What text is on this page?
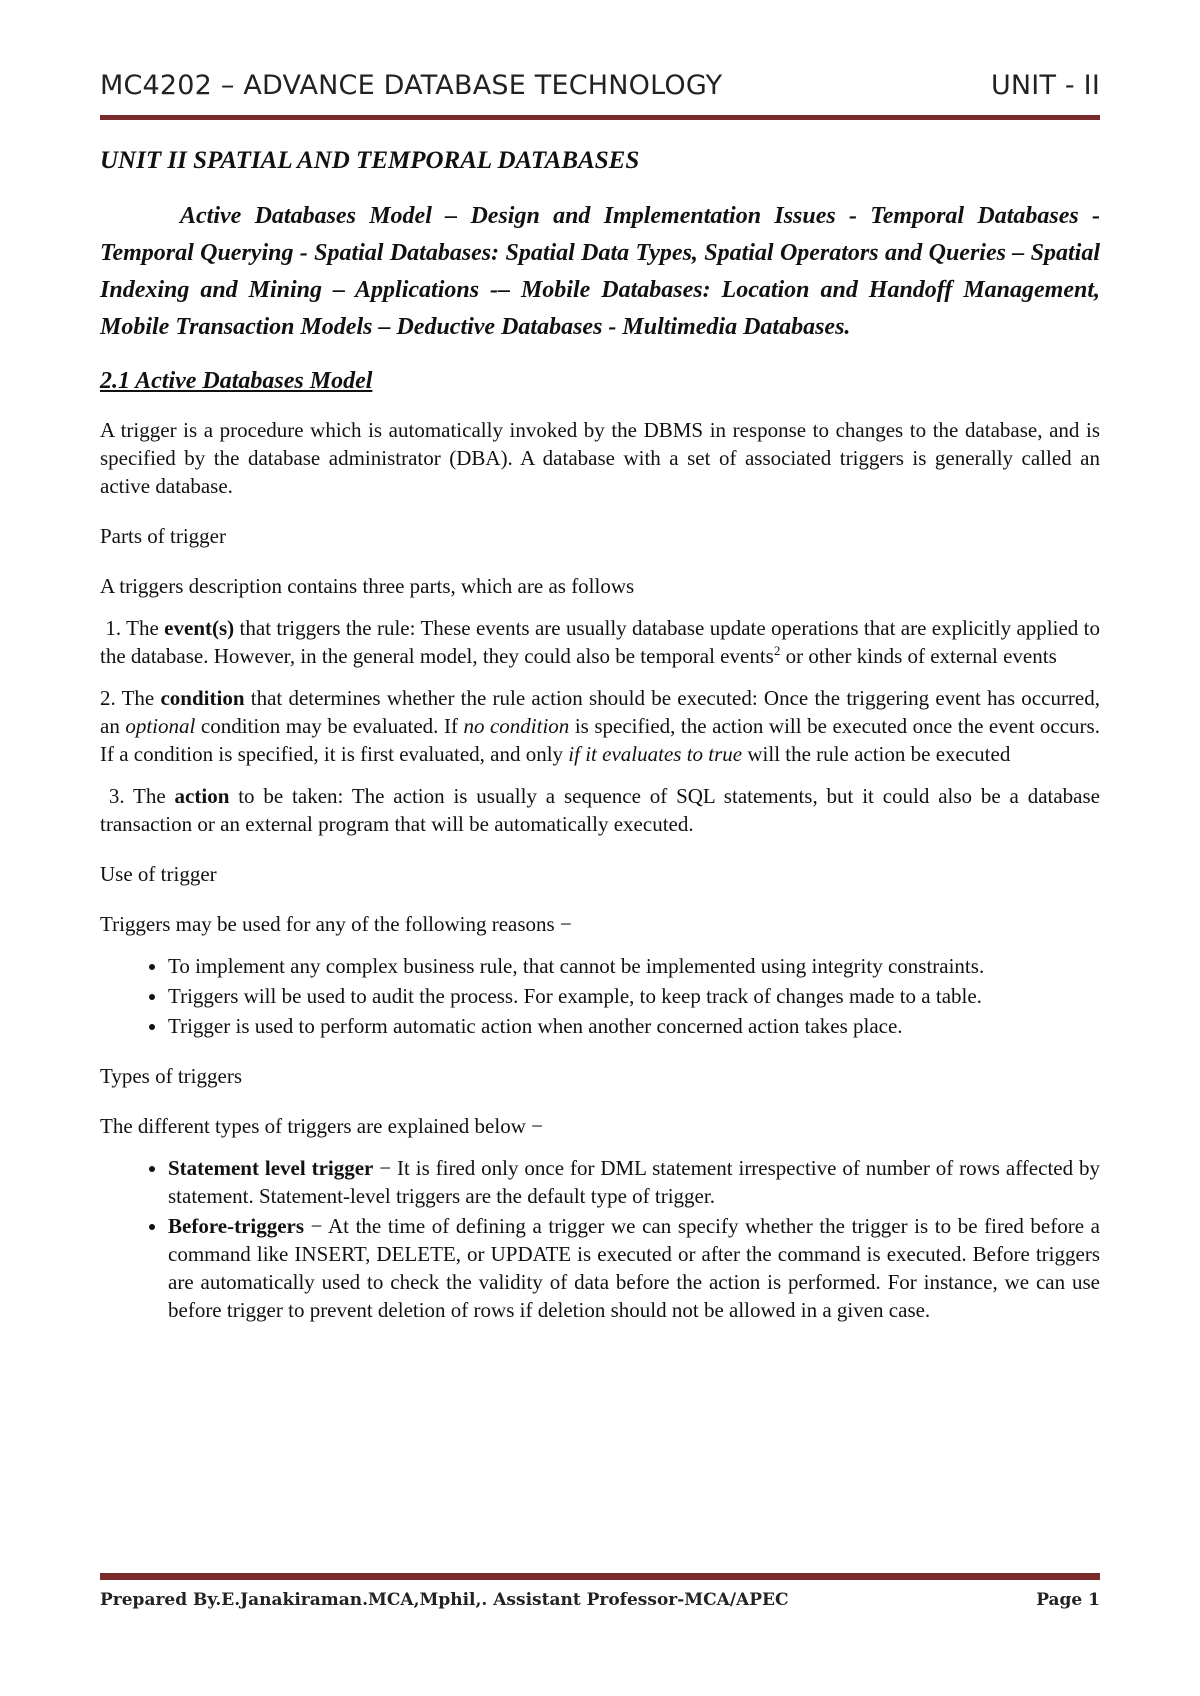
MC4202 – ADVANCE DATABASE TECHNOLOGY	UNIT - II

UNIT II SPATIAL AND TEMPORAL DATABASES

Active Databases Model – Design and Implementation Issues - Temporal Databases - Temporal Querying - Spatial Databases: Spatial Data Types, Spatial Operators and Queries – Spatial Indexing and Mining – Applications -– Mobile Databases: Location and Handoff Management, Mobile Transaction Models – Deductive Databases - Multimedia Databases.

2.1 Active Databases Model

A trigger is a procedure which is automatically invoked by the DBMS in response to changes to the database, and is specified by the database administrator (DBA). A database with a set of associated triggers is generally called an active database.

Parts of trigger

A triggers description contains three parts, which are as follows

1. The event(s) that triggers the rule: These events are usually database update operations that are explicitly applied to the database. However, in the general model, they could also be temporal events$^2$ or other kinds of external events

2. The condition that determines whether the rule action should be executed: Once the triggering event has occurred, an optional condition may be evaluated. If no condition is specified, the action will be executed once the event occurs. If a condition is specified, it is first evaluated, and only if it evaluates to true will the rule action be executed

3. The action to be taken: The action is usually a sequence of SQL statements, but it could also be a database transaction or an external program that will be automatically executed.

Use of trigger

Triggers may be used for any of the following reasons −

• To implement any complex business rule, that cannot be implemented using integrity constraints.
• Triggers will be used to audit the process. For example, to keep track of changes made to a table.
• Trigger is used to perform automatic action when another concerned action takes place.

Types of triggers

The different types of triggers are explained below −

• Statement level trigger − It is fired only once for DML statement irrespective of number of rows affected by statement. Statement-level triggers are the default type of trigger.
• Before-triggers − At the time of defining a trigger we can specify whether the trigger is to be fired before a command like INSERT, DELETE, or UPDATE is executed or after the command is executed. Before triggers are automatically used to check the validity of data before the action is performed. For instance, we can use before trigger to prevent deletion of rows if deletion should not be allowed in a given case.
Prepared By.E.Janakiraman.MCA,Mphil,. Assistant Professor-MCA/APEC	Page 1
